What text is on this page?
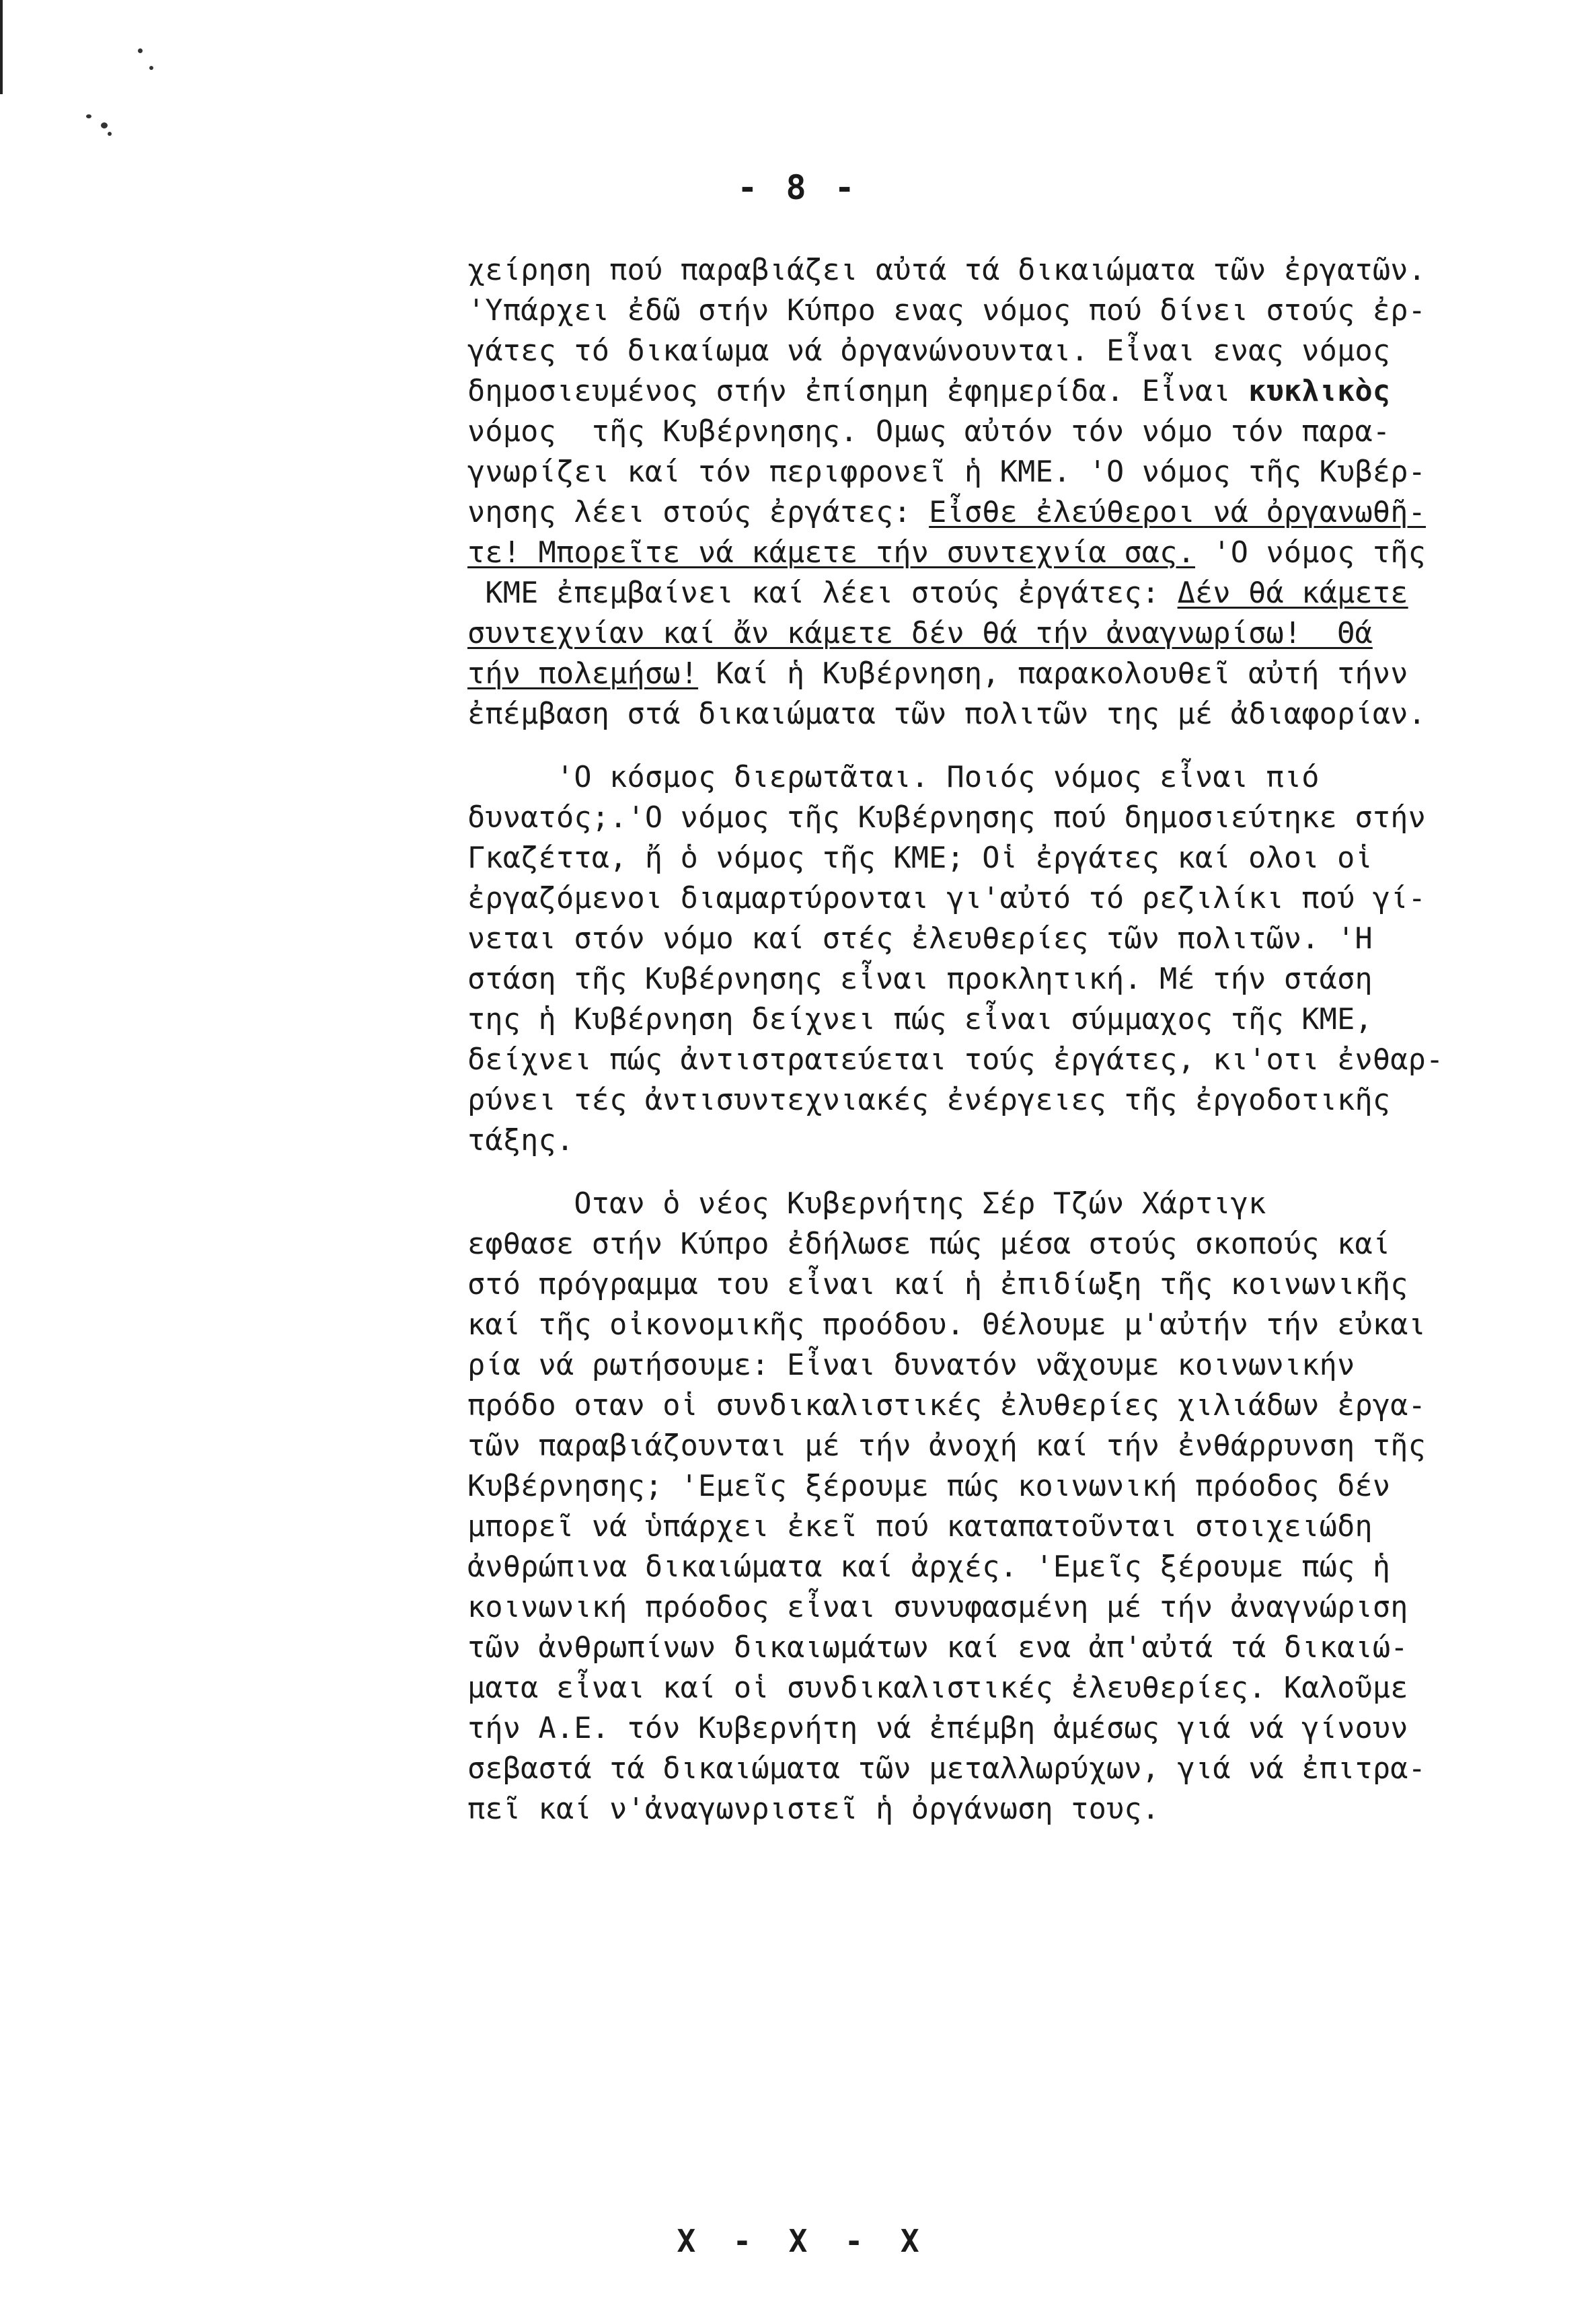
- 8 -
χείρηση πού παραβιάζει αὐτά τά δικαιώματα τῶν ἐργατῶν.
'Υπάρχει ἐδῶ στήν Κύπρο ενας νόμος πού δίνει στούς ἐρ-
γάτες τό δικαίωμα νά ὀργανώνουνται. Εἶναι ενας νόμος
δημοσιευμένος στήν ἐπίσημη ἐφημερίδα. Εἶναι κυκλικὸς
νόμος  τῆς Κυβέρνησης. Ομως αὐτόν τόν νόμο τόν παρα-
γνωρίζει καί τόν περιφρονεῖ ἡ ΚΜΕ. 'Ο νόμος τῆς Κυβέρ-
νησης λέει στούς ἐργάτες: Εἶσθε ἐλεύθεροι νά ὀργανωθῆ-
τε! Μπορεῖτε νά κάμετε τήν συντεχνία σας. 'Ο νόμος τῆς
ΚΜΕ ἐπεμβαίνει καί λέει στούς ἐργάτες: Δέν θά κάμετε
συντεχνίαν καί ἄν κάμετε δέν θά τήν ἀναγνωρίσω!  Θά
τήν πολεμήσω! Καί ἡ Κυβέρνηση, παρακολουθεῖ αὐτή τήνν
ἐπέμβαση στά δικαιώματα τῶν πολιτῶν της μέ ἀδιαφορίαν.
'Ο κόσμος διερωτᾶται. Ποιός νόμος εἶναι πιό
δυνατός;.'Ο νόμος τῆς Κυβέρνησης πού δημοσιεύτηκε στήν
Γκαζέττα, ἤ ὁ νόμος τῆς ΚΜΕ; Οἱ ἐργάτες καί ολοι οἱ
ἐργαζόμενοι διαμαρτύρονται γι'αὐτό τό ρεζιλίκι πού γί-
νεται στόν νόμο καί στές ἐλευθερίες τῶν πολιτῶν. 'Η
στάση τῆς Κυβέρνησης εἶναι προκλητική. Μέ τήν στάση
της ἡ Κυβέρνηση δείχνει πώς εἶναι σύμμαχος τῆς ΚΜΕ,
δείχνει πώς ἀντιστρατεύεται τούς ἐργάτες, κι'οτι ἐνθαρ-
ρύνει τές ἀντισυντεχνιακές ἐνέργειες τῆς ἐργοδοτικῆς
τάξης.
Οταν ὁ νέος Κυβερνήτης Σέρ Τζών Χάρτιγκ
εφθασε στήν Κύπρο ἐδήλωσε πώς μέσα στούς σκοπούς καί
στό πρόγραμμα του εἶναι καί ἡ ἐπιδίωξη τῆς κοινωνικῆς
καί τῆς οἰκονομικῆς προόδου. Θέλουμε μ'αὐτήν τήν εὐκαι
ρία νά ρωτήσουμε: Εἶναι δυνατόν νᾶχουμε κοινωνικήν
πρόδο οταν οἱ συνδικαλιστικές ἐλυθερίες χιλιάδων ἐργα-
τῶν παραβιάζουνται μέ τήν ἀνοχή καί τήν ἐνθάρρυνση τῆς
Κυβέρνησης; 'Εμεῖς ξέρουμε πώς κοινωνική πρόοδος δέν
μπορεῖ νά ὑπάρχει ἐκεῖ πού καταπατοῦνται στοιχειώδη
ἀνθρώπινα δικαιώματα καί ἀρχές. 'Εμεῖς ξέρουμε πώς ἡ
κοινωνική πρόοδος εἶναι συνυφασμένη μέ τήν ἀναγνώριση
τῶν ἀνθρωπίνων δικαιωμάτων καί ενα ἀπ'αὐτά τά δικαιώ-
ματα εἶναι καί οἱ συνδικαλιστικές ἐλευθερίες. Καλοῦμε
τήν Α.Ε. τόν Κυβερνήτη νά ἐπέμβη ἀμέσως γιά νά γίνουν
σεβαστά τά δικαιώματα τῶν μεταλλωρύχων, γιά νά ἐπιτρα-
πεῖ καί ν'ἀναγωνριστεῖ ἡ ὀργάνωση τους.
X  -  X  -  X
